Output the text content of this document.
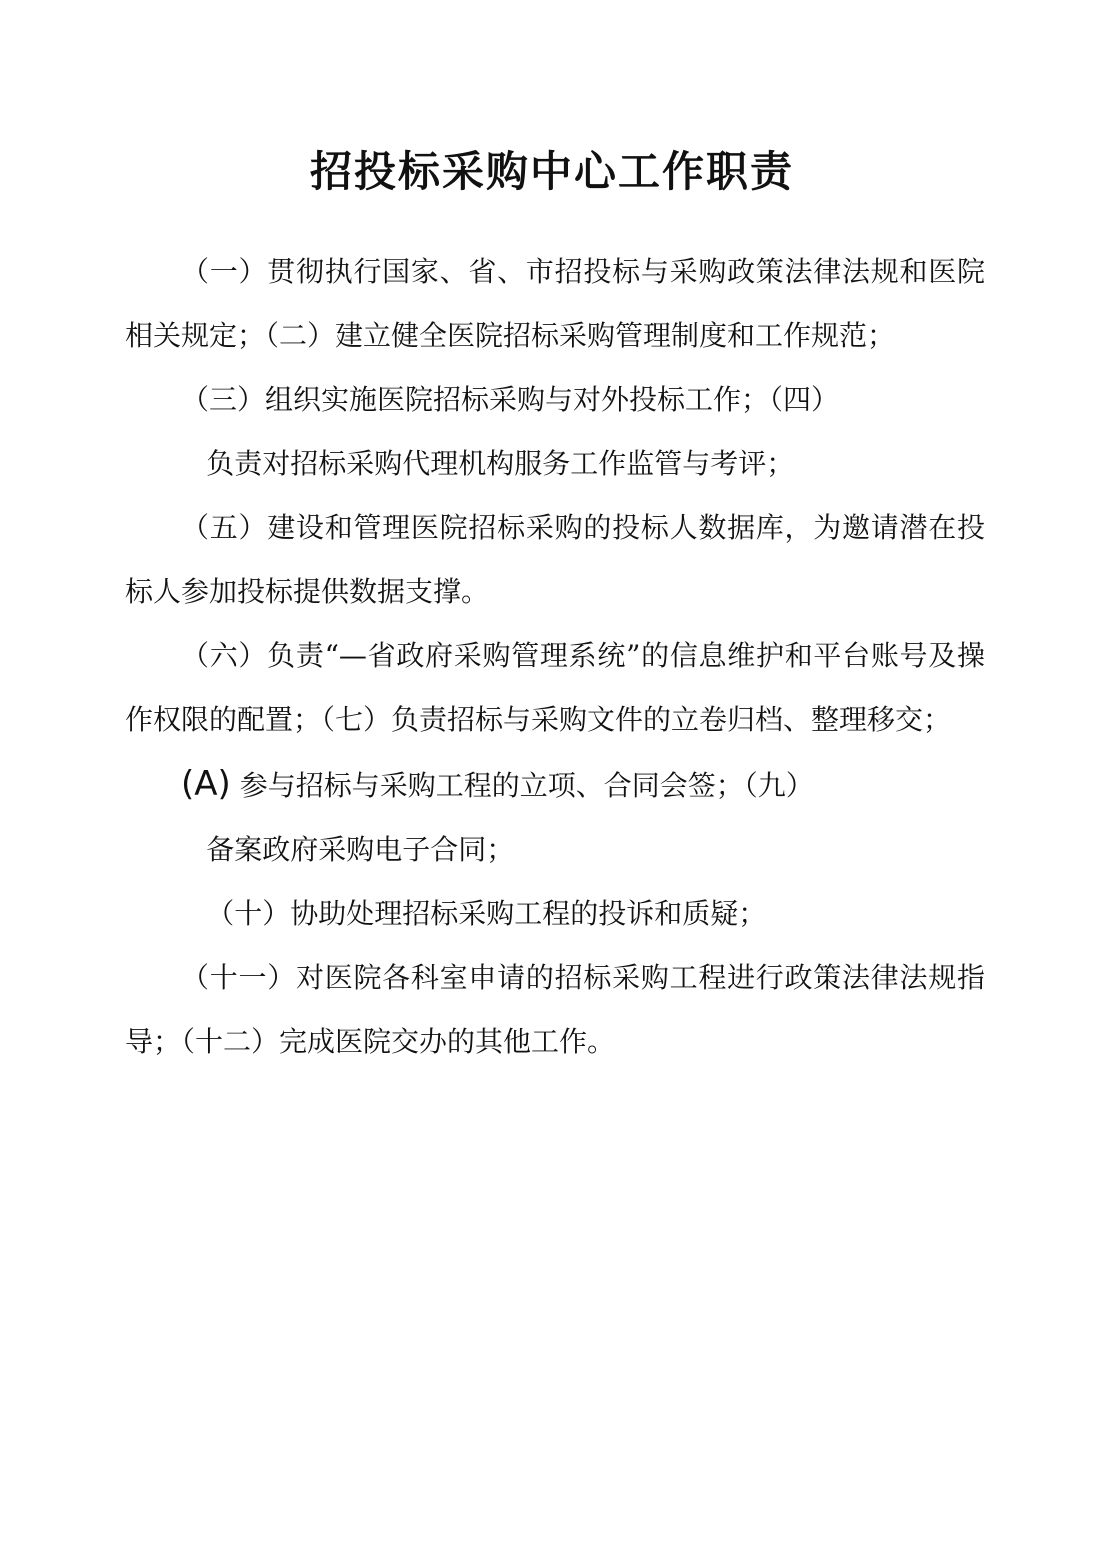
招投标采购中心工作职责

（一）贯彻执行国家、省、市招投标与采购政策法律法规和医院相关规定；（二）建立健全医院招标采购管理制度和工作规范；

（三）组织实施医院招标采购与对外投标工作；（四）

负责对招标采购代理机构服务工作监管与考评；

（五）建设和管理医院招标采购的投标人数据库，为邀请潜在投标人参加投标提供数据支撑。

（六）负责“—省政府采购管理系统”的信息维护和平台账号及操作权限的配置；（七）负责招标与采购文件的立卷归档、整理移交；

(A) 参与招标与采购工程的立项、合同会签；（九）

备案政府采购电子合同；

（十）协助处理招标采购工程的投诉和质疑；

（十一）对医院各科室申请的招标采购工程进行政策法律法规指导；（十二）完成医院交办的其他工作。
